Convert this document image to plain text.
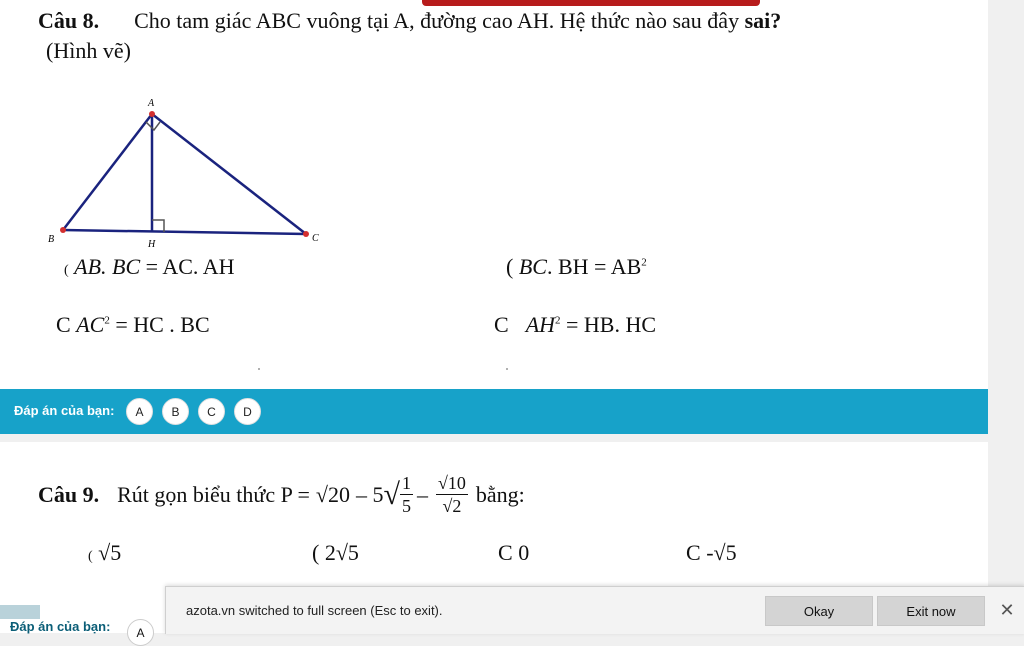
Câu 8. Cho tam giác ABC vuông tại A, đường cao AH. Hệ thức nào sau đây sai?
(Hình vẽ)
A
B	C
H
( AB. BC = AC. AH	( BC. BH = $AB^2$
C $AC^2$ = HC . BC	C $AH^2$ = HB. HC
Đáp án của bạn:	A	B	C	D
Câu 9. Rút gọn biểu thức P = √20 – 5 √ $\frac{1}{5} - \frac{√10}{√2}$ bằng:
( √5	( 2√5	C 0	C -√5
Đáp án của bạn:	A
azota.vn switched to full screen (Esc to exit).	Okay	Exit now	✕
